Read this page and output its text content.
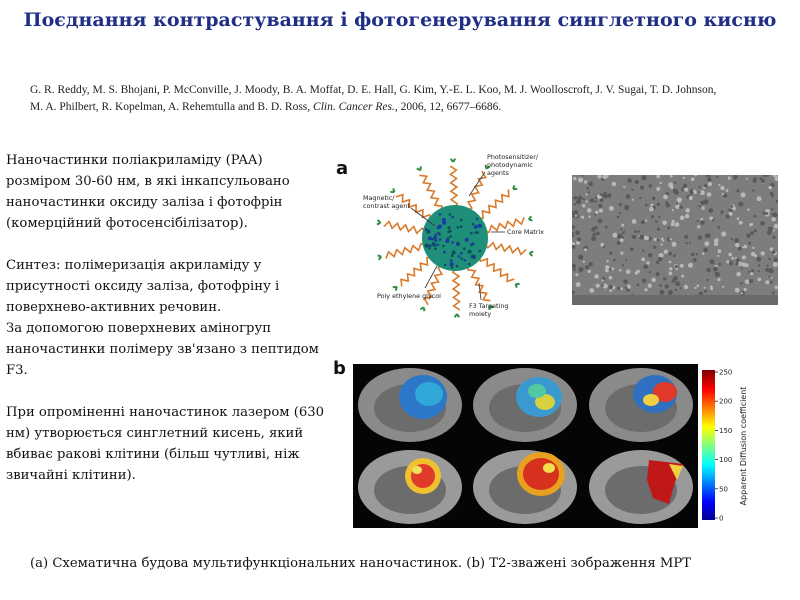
Поєднання контрастування і фотогенерування синглетного кисню
G. R. Reddy, M. S. Bhojani, P. McConville, J. Moody, B. A. Moffat, D. E. Hall, G. Kim, Y.-E. L. Koo, M. J. Woolloscroft, J. V. Sugai, T. D. Johnson, M. A. Philbert, R. Kopelman, A. Rehemtulla and B. D. Ross, Clin. Cancer Res., 2006, 12, 6677–6686.

Наночастинки поліакриламіду (PAA) розміром 30-60 нм, в які інкапсульовано наночастинки оксиду заліза і фотофрін (комерційний фотосенсібілізатор).

Синтез: полімеризація акриламіду у присутності оксиду заліза, фотофріну і поверхнево-активних речовин.

За допомогою поверхневих аміногруп наночастинки полімеру зв'язано з пептидом F3.

При опроміненні наночастинок лазером (630 нм) утворюється синглетний кисень, який вбиває ракові клітини (більш чутливі, ніж звичайні клітини).

a
Photosensitizer/
photodynamic
agents
Magnetic/
contrast agent
Core Matrix
Poly ethylene glycol
F3 Targeting
moiety
b	250
200
150
100
50
0
Apparent Diffusion coefficient
(a) Схематична будова мультифункціональних наночастинок. (b) Т2-зважені зображення МРТ
